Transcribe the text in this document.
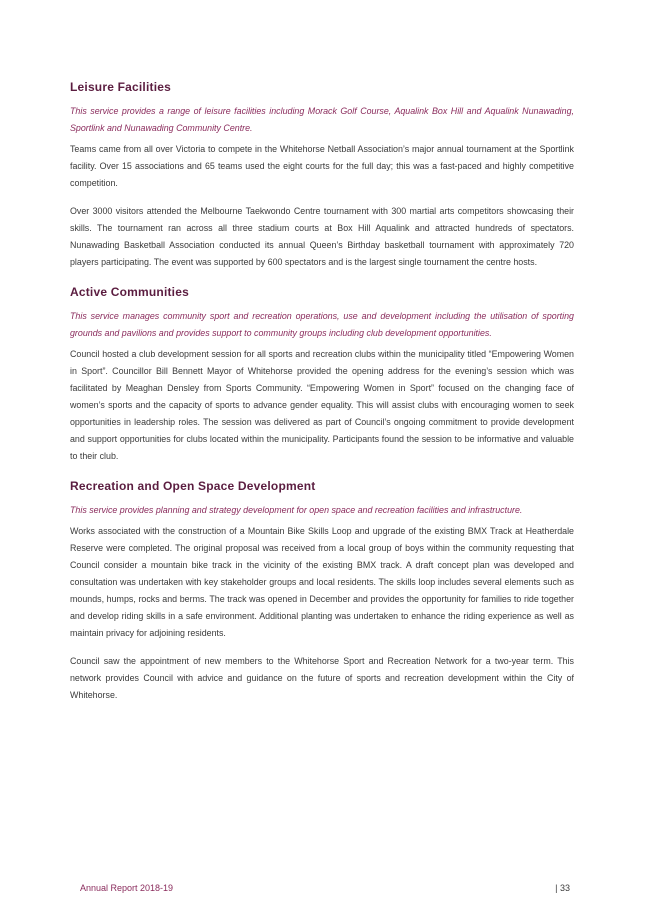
Leisure Facilities

This service provides a range of leisure facilities including Morack Golf Course, Aqualink Box Hill and Aqualink Nunawading, Sportlink and Nunawading Community Centre.

Teams came from all over Victoria to compete in the Whitehorse Netball Association’s major annual tournament at the Sportlink facility. Over 15 associations and 65 teams used the eight courts for the full day; this was a fast-paced and highly competitive competition.

Over 3000 visitors attended the Melbourne Taekwondo Centre tournament with 300 martial arts competitors showcasing their skills. The tournament ran across all three stadium courts at Box Hill Aqualink and attracted hundreds of spectators. Nunawading Basketball Association conducted its annual Queen’s Birthday basketball tournament with approximately 720 players participating. The event was supported by 600 spectators and is the largest single tournament the centre hosts.

Active Communities

This service manages community sport and recreation operations, use and development including the utilisation of sporting grounds and pavilions and provides support to community groups including club development opportunities.

Council hosted a club development session for all sports and recreation clubs within the municipality titled “Empowering Women in Sport”. Councillor Bill Bennett Mayor of Whitehorse provided the opening address for the evening’s session which was facilitated by Meaghan Densley from Sports Community. “Empowering Women in Sport” focused on the changing face of women’s sports and the capacity of sports to advance gender equality. This will assist clubs with encouraging women to seek opportunities in leadership roles. The session was delivered as part of Council’s ongoing commitment to provide development and support opportunities for clubs located within the municipality. Participants found the session to be informative and valuable to their club.

Recreation and Open Space Development

This service provides planning and strategy development for open space and recreation facilities and infrastructure.

Works associated with the construction of a Mountain Bike Skills Loop and upgrade of the existing BMX Track at Heatherdale Reserve were completed. The original proposal was received from a local group of boys within the community requesting that Council consider a mountain bike track in the vicinity of the existing BMX track. A draft concept plan was developed and consultation was undertaken with key stakeholder groups and local residents. The skills loop includes several elements such as mounds, humps, rocks and berms. The track was opened in December and provides the opportunity for families to ride together and develop riding skills in a safe environment. Additional planting was undertaken to enhance the riding experience as well as maintain privacy for adjoining residents.

Council saw the appointment of new members to the Whitehorse Sport and Recreation Network for a two-year term. This network provides Council with advice and guidance on the future of sports and recreation development within the City of Whitehorse.

Annual Report 2018-19	| 33
